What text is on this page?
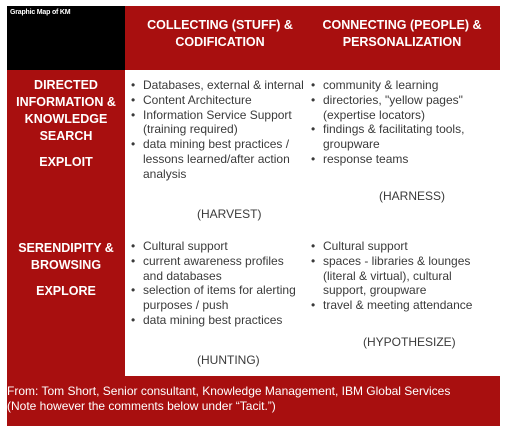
Graphic Map of KM
COLLECTING (STUFF) &
CODIFICATION
CONNECTING (PEOPLE) &
PERSONALIZATION
DIRECTED
INFORMATION &
KNOWLEDGE
SEARCH
EXPLOIT
SERENDIPITY &
BROWSING
EXPLORE
• Databases, external & internal
• Content Architecture
• Information Service Support
(training required)
• data mining best practices /
lessons learned/after action
analysis
(HARVEST)
• community & learning
• directories, "yellow pages"
(expertise locators)
• findings & facilitating tools,
groupware
• response teams
(HARNESS)
• Cultural support
• current awareness profiles
and databases
• selection of items for alerting
purposes / push
• data mining best practices
(HUNTING)
• Cultural support
• spaces - libraries & lounges
(literal & virtual), cultural
support, groupware
• travel & meeting attendance
(HYPOTHESIZE)
From: Tom Short, Senior consultant, Knowledge Management, IBM Global Services
(Note however the comments below under “Tacit.”)
